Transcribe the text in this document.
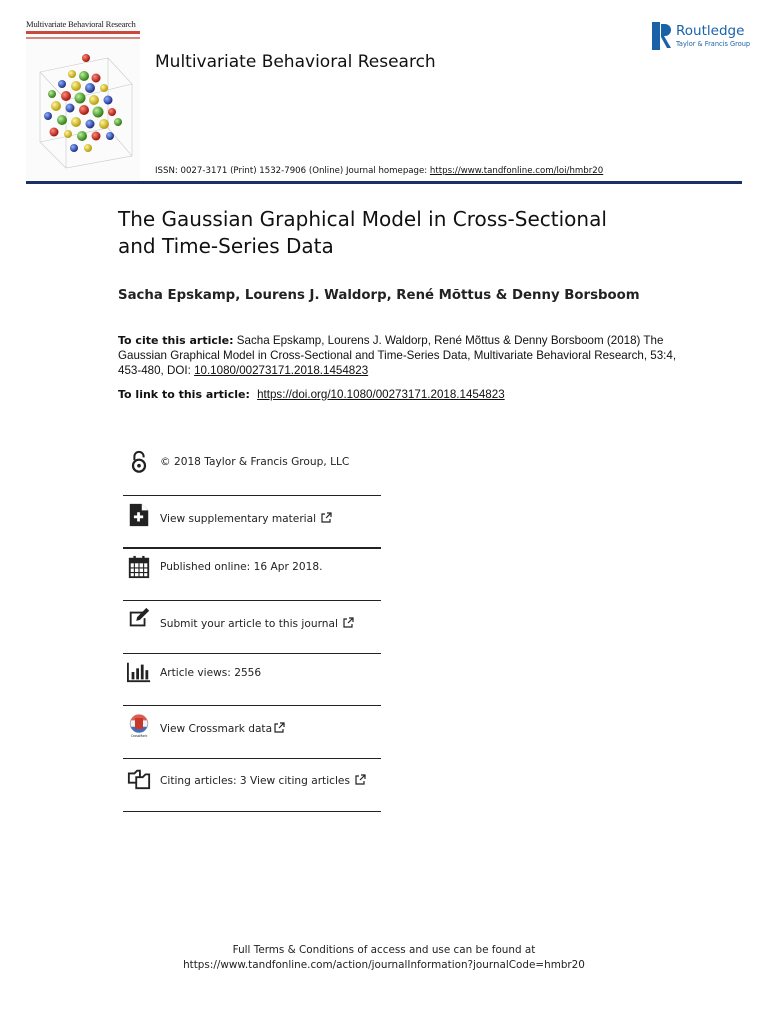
Multivariate Behavioral Research
Multivariate Behavioral Research
ISSN: 0027-3171 (Print) 1532-7906 (Online) Journal homepage: https://www.tandfonline.com/loi/hmbr20
Routledge
Taylor & Francis Group
The Gaussian Graphical Model in Cross-Sectional
and Time-Series Data
Sacha Epskamp, Lourens J. Waldorp, René Mõttus & Denny Borsboom
To cite this article: Sacha Epskamp, Lourens J. Waldorp, René Mõttus & Denny Borsboom (2018) The Gaussian Graphical Model in Cross-Sectional and Time-Series Data, Multivariate Behavioral Research, 53:4, 453-480, DOI: 10.1080/00273171.2018.1454823
To link to this article: https://doi.org/10.1080/00273171.2018.1454823
© 2018 Taylor & Francis Group, LLC
View supplementary material
Published online: 16 Apr 2018.
Submit your article to this journal
Article views: 2556
CrossMark
View Crossmark data
Citing articles: 3 View citing articles
Full Terms & Conditions of access and use can be found at
https://www.tandfonline.com/action/journalInformation?journalCode=hmbr20
